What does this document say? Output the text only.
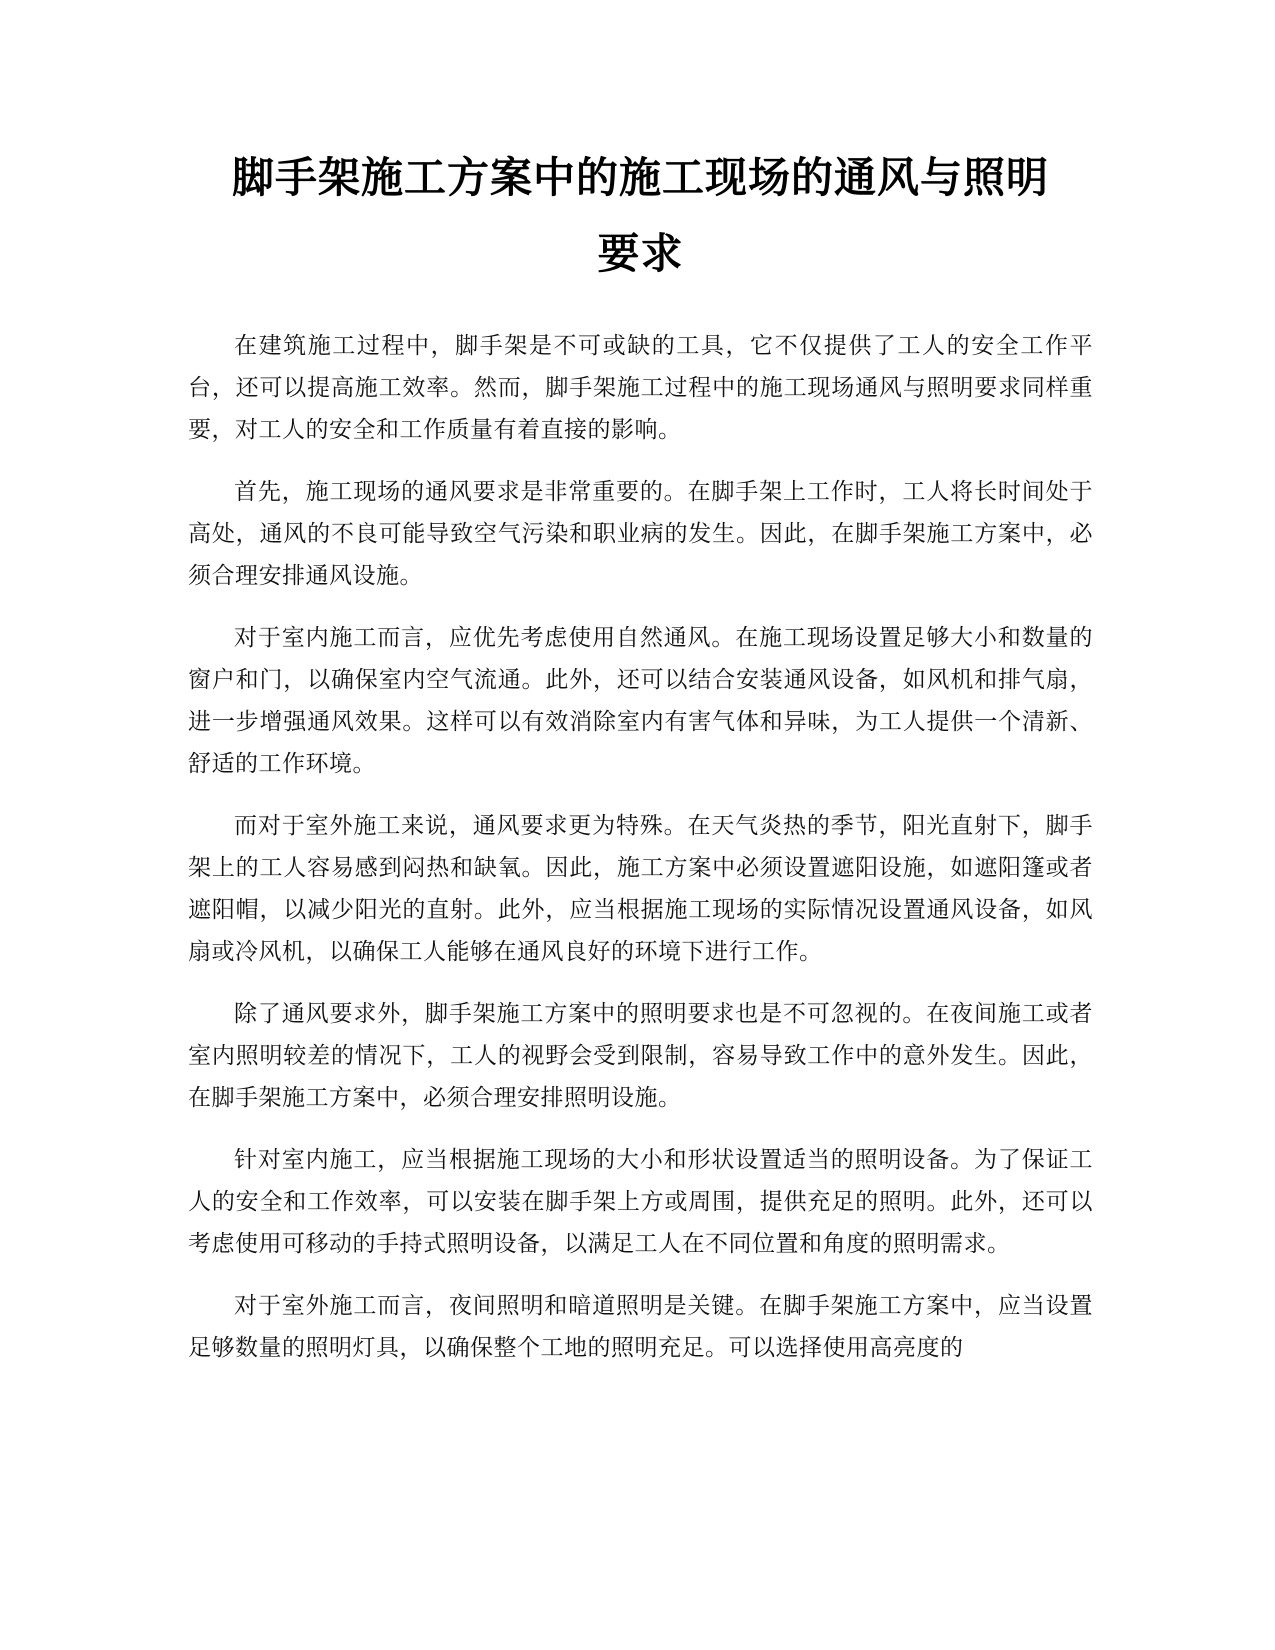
脚手架施工方案中的施工现场的通风与照明
要求

在建筑施工过程中，脚手架是不可或缺的工具，它不仅提供了工人的安全工作平台，还可以提高施工效率。然而，脚手架施工过程中的施工现场通风与照明要求同样重要，对工人的安全和工作质量有着直接的影响。

首先，施工现场的通风要求是非常重要的。在脚手架上工作时，工人将长时间处于高处，通风的不良可能导致空气污染和职业病的发生。因此，在脚手架施工方案中，必须合理安排通风设施。

对于室内施工而言，应优先考虑使用自然通风。在施工现场设置足够大小和数量的窗户和门，以确保室内空气流通。此外，还可以结合安装通风设备，如风机和排气扇，进一步增强通风效果。这样可以有效消除室内有害气体和异味，为工人提供一个清新、舒适的工作环境。

而对于室外施工来说，通风要求更为特殊。在天气炎热的季节，阳光直射下，脚手架上的工人容易感到闷热和缺氧。因此，施工方案中必须设置遮阳设施，如遮阳篷或者遮阳帽，以减少阳光的直射。此外，应当根据施工现场的实际情况设置通风设备，如风扇或冷风机，以确保工人能够在通风良好的环境下进行工作。

除了通风要求外，脚手架施工方案中的照明要求也是不可忽视的。在夜间施工或者室内照明较差的情况下，工人的视野会受到限制，容易导致工作中的意外发生。因此，在脚手架施工方案中，必须合理安排照明设施。

针对室内施工，应当根据施工现场的大小和形状设置适当的照明设备。为了保证工人的安全和工作效率，可以安装在脚手架上方或周围，提供充足的照明。此外，还可以考虑使用可移动的手持式照明设备，以满足工人在不同位置和角度的照明需求。

对于室外施工而言，夜间照明和暗道照明是关键。在脚手架施工方案中，应当设置足够数量的照明灯具，以确保整个工地的照明充足。可以选择使用高亮度的
